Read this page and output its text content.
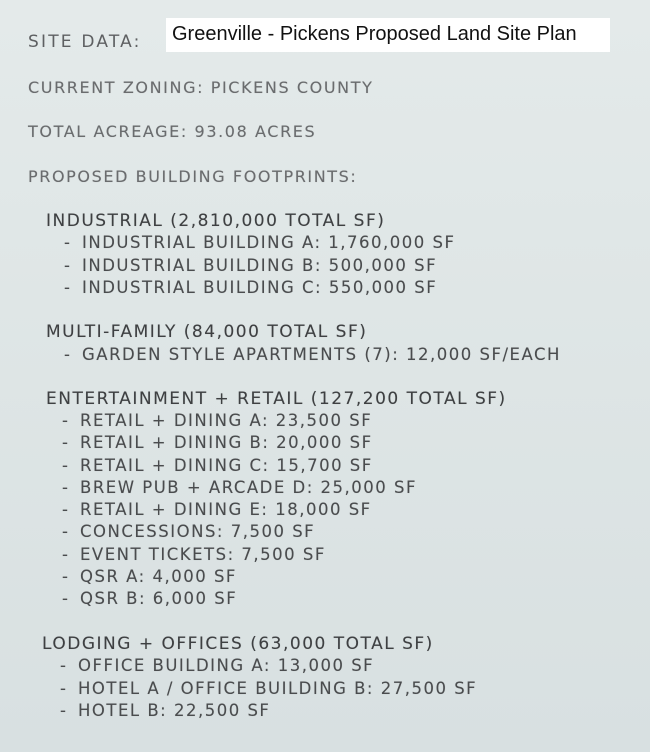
SITE DATA:	Greenville - Pickens Proposed Land Site Plan
CURRENT ZONING: PICKENS COUNTY
TOTAL ACREAGE: 93.08 ACRES
PROPOSED BUILDING FOOTPRINTS:
INDUSTRIAL (2,810,000 TOTAL SF)
- INDUSTRIAL BUILDING A: 1,760,000 SF
- INDUSTRIAL BUILDING B: 500,000 SF
- INDUSTRIAL BUILDING C: 550,000 SF
MULTI-FAMILY (84,000 TOTAL SF)
- GARDEN STYLE APARTMENTS (7): 12,000 SF/EACH
ENTERTAINMENT + RETAIL (127,200 TOTAL SF)
- RETAIL + DINING A: 23,500 SF
- RETAIL + DINING B: 20,000 SF
- RETAIL + DINING C: 15,700 SF
- BREW PUB + ARCADE D: 25,000 SF
- RETAIL + DINING E: 18,000 SF
- CONCESSIONS: 7,500 SF
- EVENT TICKETS: 7,500 SF
- QSR A: 4,000 SF
- QSR B: 6,000 SF
LODGING + OFFICES (63,000 TOTAL SF)
- OFFICE BUILDING A: 13,000 SF
- HOTEL A / OFFICE BUILDING B: 27,500 SF
- HOTEL B: 22,500 SF
